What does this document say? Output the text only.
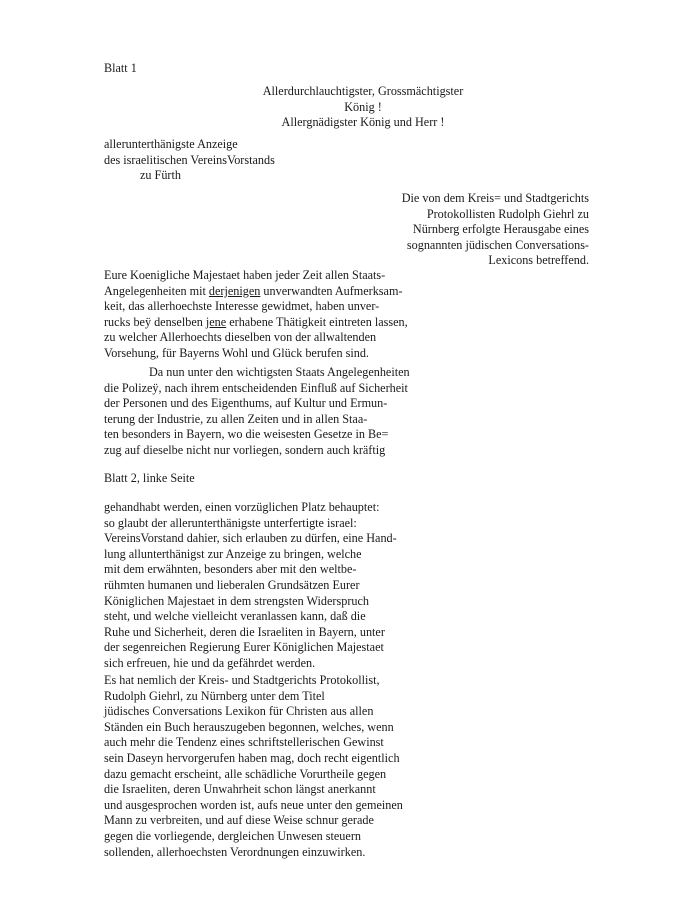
Blatt 1
Allerdurchlauchtigster, Grossmächtigster
König !
Allergnädigster König und Herr !
allerunterthänigste Anzeige
des israelitischen VereinsVorstands
zu Fürth
Die von dem Kreis= und Stadtgerichts
Protokollisten Rudolph Giehrl zu
Nürnberg erfolgte Herausgabe eines
sognannten jüdischen Conversations-
Lexicons betreffend.
Eure Koenigliche Majestaet haben jeder Zeit allen Staats-
Angelegenheiten mit derjenigen unverwandten Aufmerksam-
keit, das allerhoechste Interesse gewidmet, haben unver-
rucks beÿ denselben jene erhabene Thätigkeit eintreten lassen,
zu welcher Allerhoechts dieselben von der allwaltenden
Vorsehung, für Bayerns Wohl und Glück berufen sind.
Da nun unter den wichtigsten Staats Angelegenheiten
die Polizeÿ, nach ihrem entscheidenden Einfluß auf Sicherheit
der Personen und des Eigenthums, auf Kultur und Ermun-
terung der Industrie, zu allen Zeiten und in allen Staa-
ten besonders in Bayern, wo die weisesten Gesetze in Be=
zug auf dieselbe nicht nur vorliegen, sondern auch kräftig
Blatt 2, linke Seite
gehandhabt werden, einen vorzüglichen Platz behauptet:
so glaubt der allerunterthänigste unterfertigte israel:
VereinsVorstand dahier, sich erlauben zu dürfen, eine Hand-
lung allunterthänigst zur Anzeige zu bringen, welche
mit dem erwähnten, besonders aber mit den weltbe-
rühmten humanen und lieberalen Grundsätzen Eurer
Königlichen Majestaet in dem strengsten Widerspruch
steht, und welche vielleicht veranlassen kann, daß die
Ruhe und Sicherheit, deren die Israeliten in Bayern, unter
der segenreichen Regierung Eurer Königlichen Majestaet
sich erfreuen, hie und da gefährdet werden.
Es hat nemlich der Kreis- und Stadtgerichts Protokollist,
Rudolph Giehrl, zu Nürnberg unter dem Titel
jüdisches Conversations Lexikon für Christen aus allen
Ständen ein Buch herauszugeben begonnen, welches, wenn
auch mehr die Tendenz eines schriftstellerischen Gewinst
sein Daseyn hervorgerufen haben mag, doch recht eigentlich
dazu gemacht erscheint, alle schädliche Vorurtheile gegen
die Israeliten, deren Unwahrheit schon längst anerkannt
und ausgesprochen worden ist, aufs neue unter den gemeinen
Mann zu verbreiten, und auf diese Weise schnur gerade
gegen die vorliegende, dergleichen Unwesen steuern
sollenden, allerhoechsten Verordnungen einzuwirken.
